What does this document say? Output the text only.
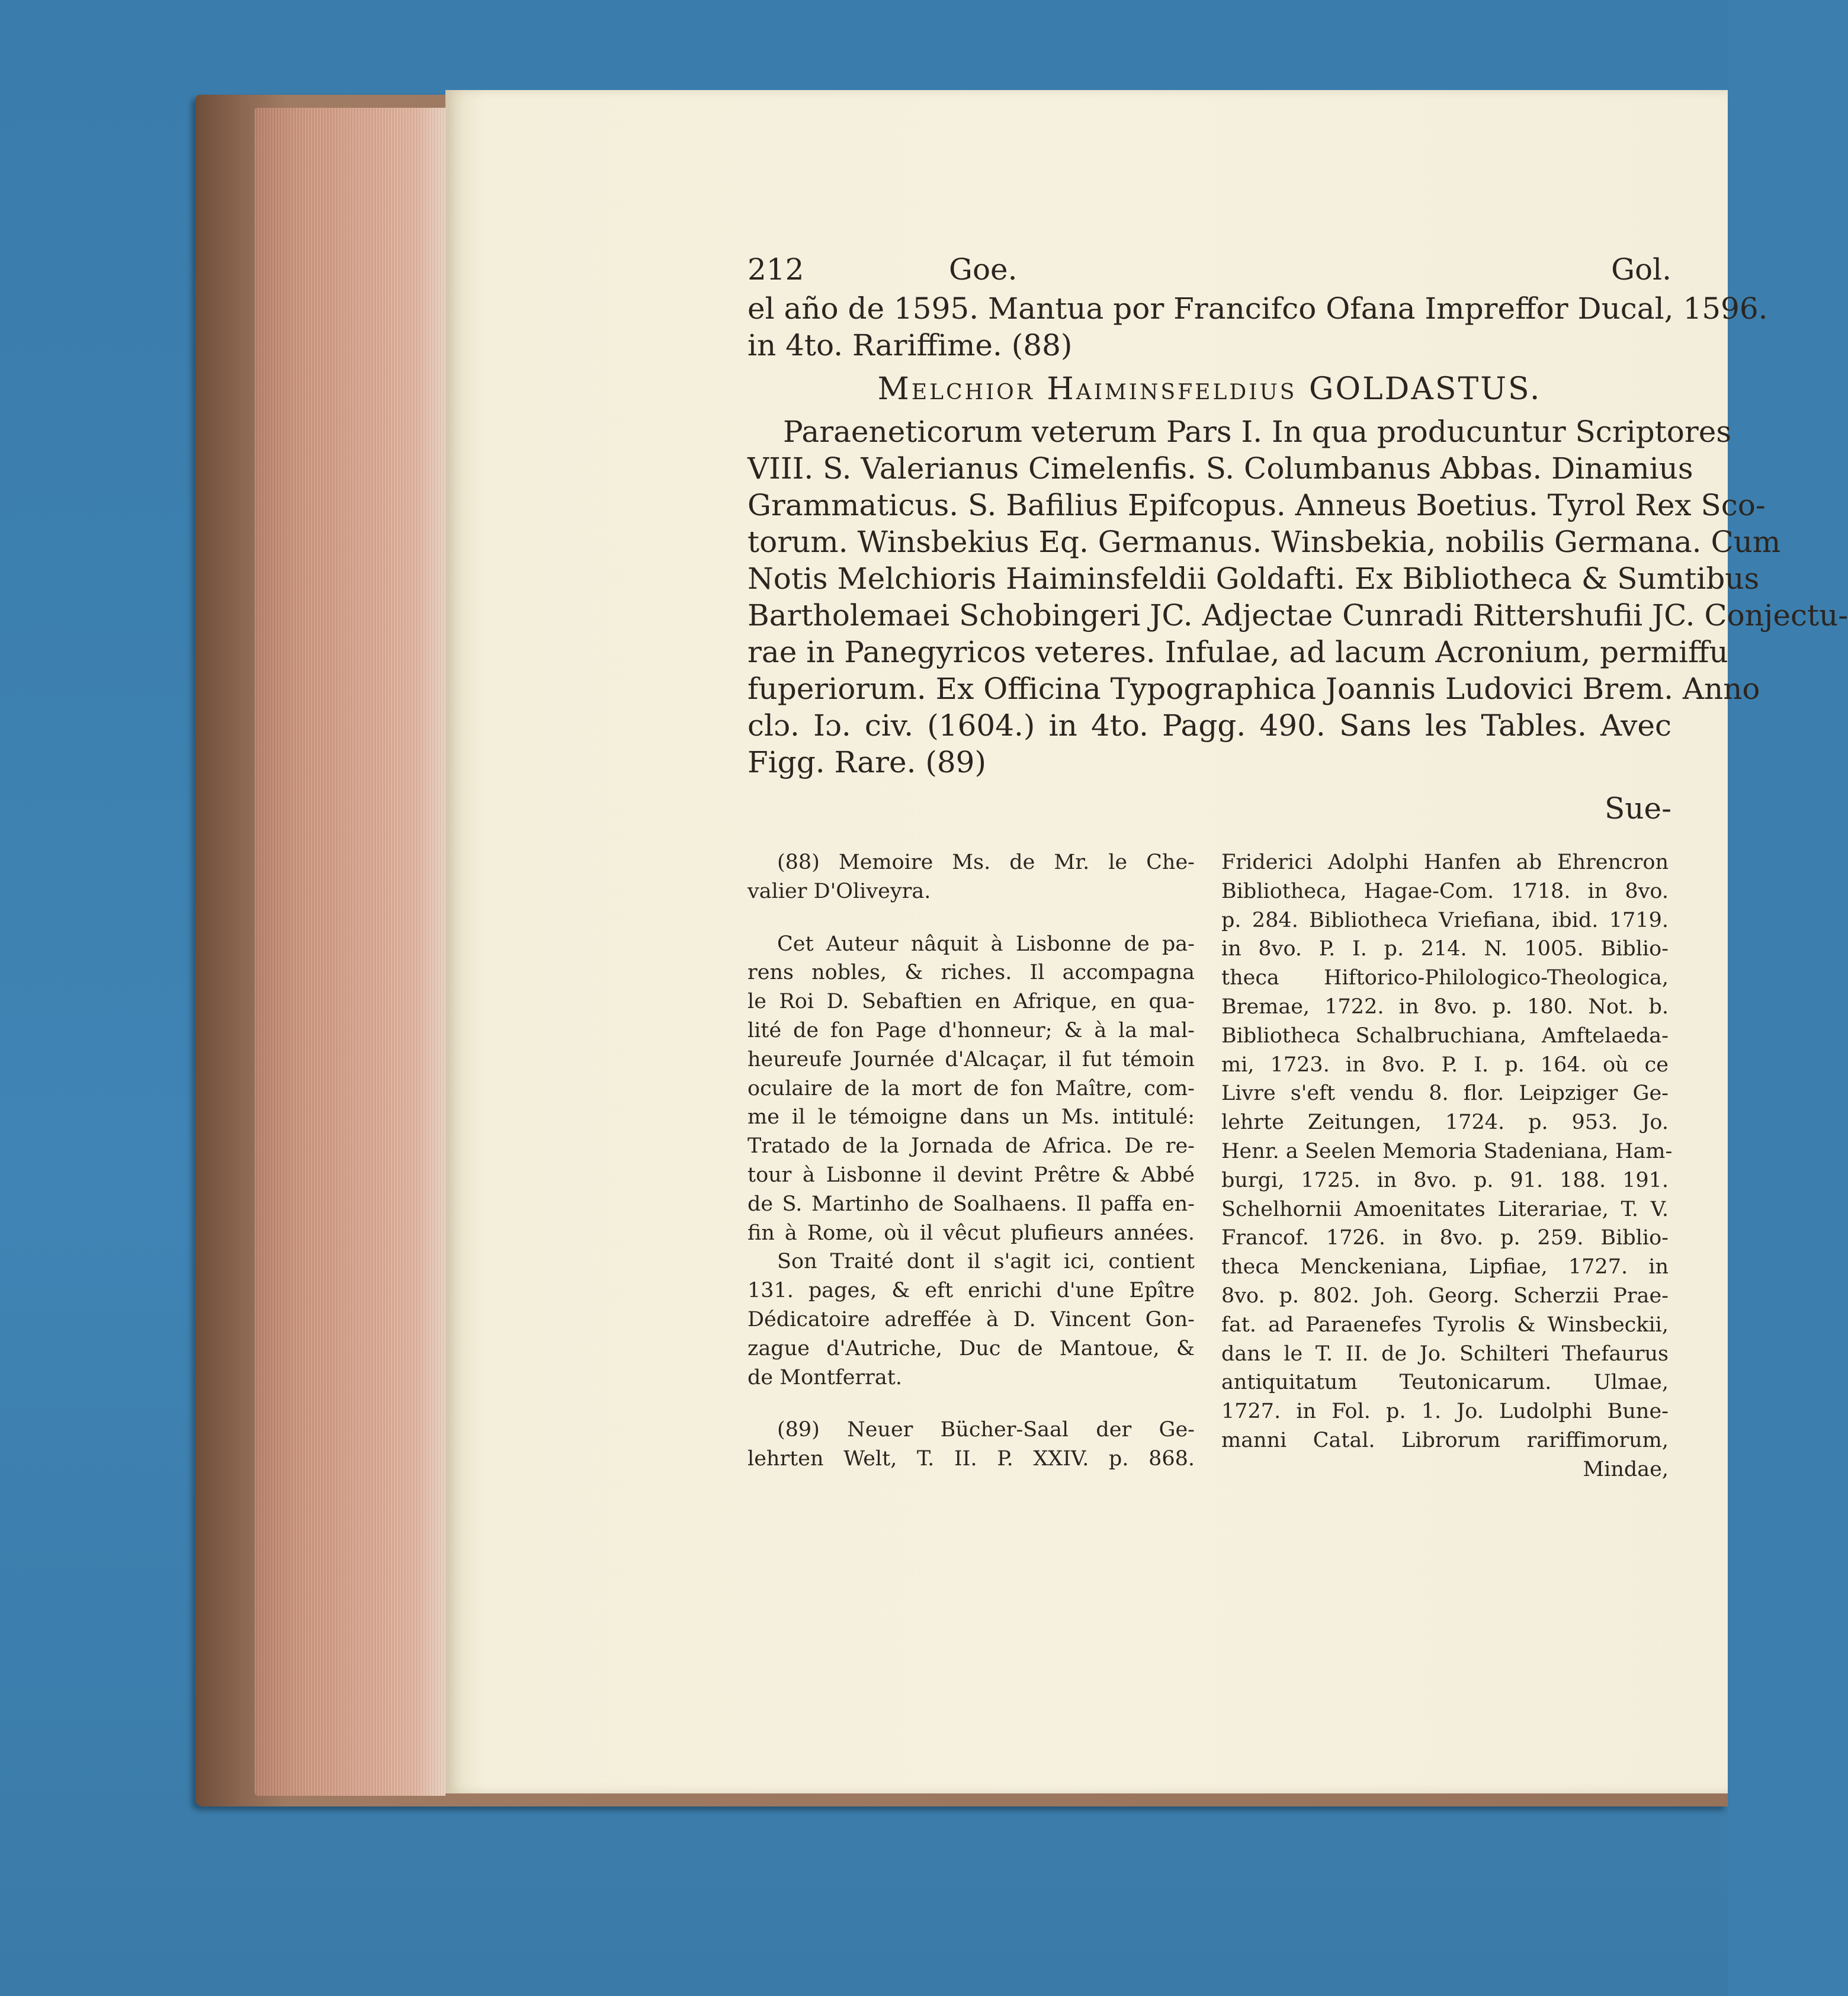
212	Goe.	Gol.
el año de 1595. Mantua por Francifco Ofana Impreffor Ducal, 1596.
in 4to. Rariffime. (88)
Melchior Haiminsfeldius GOLDASTUS.
Paraeneticorum veterum Pars I. In qua producuntur Scriptores
VIII. S. Valerianus Cimelenfis. S. Columbanus Abbas. Dinamius
Grammaticus. S. Bafilius Epifcopus. Anneus Boetius. Tyrol Rex Sco-
torum. Winsbekius Eq. Germanus. Winsbekia, nobilis Germana. Cum
Notis Melchioris Haiminsfeldii Goldafti. Ex Bibliotheca & Sumtibus
Bartholemaei Schobingeri JC. Adjectae Cunradi Rittershufii JC. Conjectu-
rae in Panegyricos veteres. Infulae, ad lacum Acronium, permiffu
fuperiorum. Ex Officina Typographica Joannis Ludovici Brem. Anno
clɔ. Iɔ. civ. (1604.) in 4to. Pagg. 490. Sans les Tables. Avec
Figg. Rare. (89)
Sue-
(88) Memoire Ms. de Mr. le Che-
valier D'Oliveyra.
Cet Auteur nâquit à Lisbonne de pa-
rens nobles, & riches. Il accompagna
le Roi D. Sebaftien en Afrique, en qua-
lité de fon Page d'honneur; & à la mal-
heureufe Journée d'Alcaçar, il fut témoin
oculaire de la mort de fon Maître, com-
me il le témoigne dans un Ms. intitulé:
Tratado de la Jornada de Africa. De re-
tour à Lisbonne il devint Prêtre & Abbé
de S. Martinho de Soalhaens. Il paffa en-
fin à Rome, où il vêcut plufieurs années.
Son Traité dont il s'agit ici, contient
131. pages, & eft enrichi d'une Epître
Dédicatoire adreffée à D. Vincent Gon-
zague d'Autriche, Duc de Mantoue, &
de Montferrat.
(89) Neuer Bücher-Saal der Ge-
lehrten Welt, T. II. P. XXIV. p. 868.
Friderici Adolphi Hanfen ab Ehrencron
Bibliotheca, Hagae-Com. 1718. in 8vo.
p. 284. Bibliotheca Vriefiana, ibid. 1719.
in 8vo. P. I. p. 214. N. 1005. Biblio-
theca Hiftorico-Philologico-Theologica,
Bremae, 1722. in 8vo. p. 180. Not. b.
Bibliotheca Schalbruchiana, Amftelaeda-
mi, 1723. in 8vo. P. I. p. 164. où ce
Livre s'eft vendu 8. flor. Leipziger Ge-
lehrte Zeitungen, 1724. p. 953. Jo.
Henr. a Seelen Memoria Stadeniana, Ham-
burgi, 1725. in 8vo. p. 91. 188. 191.
Schelhornii Amoenitates Literariae, T. V.
Francof. 1726. in 8vo. p. 259. Biblio-
theca Menckeniana, Lipfiae, 1727. in
8vo. p. 802. Joh. Georg. Scherzii Prae-
fat. ad Paraenefes Tyrolis & Winsbeckii,
dans le T. II. de Jo. Schilteri Thefaurus
antiquitatum Teutonicarum. Ulmae,
1727. in Fol. p. 1. Jo. Ludolphi Bune-
manni Catal. Librorum rariffimorum,
Mindae,
